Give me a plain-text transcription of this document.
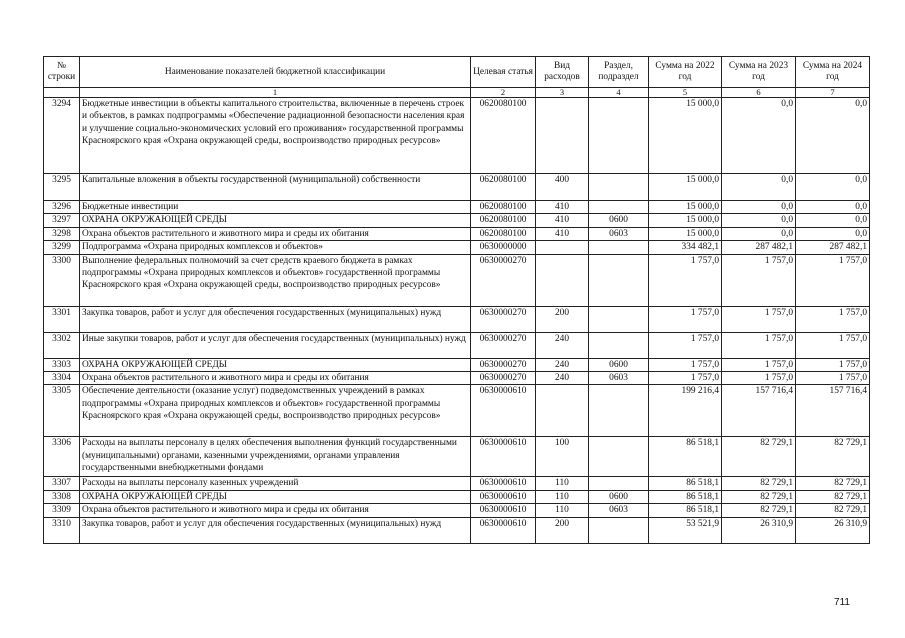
№ строки	Наименование показателей бюджетной классификации	Целевая статья	Вид расходов	Раздел, подраздел	Сумма на 2022 год	Сумма на 2023 год	Сумма на 2024 год
	1	2	3	4	5	6	7
3294	Бюджетные инвестиции в объекты капитального строительства, включенные в перечень строек и объектов, в рамках подпрограммы «Обеспечение радиационной безопасности населения края и улучшение социально-экономических условий его проживания» государственной программы Красноярского края «Охрана окружающей среды, воспроизводство природных ресурсов»	0620080100			15 000,0	0,0	0,0
3295	Капитальные вложения в объекты государственной (муниципальной) собственности	0620080100	400		15 000,0	0,0	0,0
3296	Бюджетные инвестиции	0620080100	410		15 000,0	0,0	0,0
3297	ОХРАНА ОКРУЖАЮЩЕЙ СРЕДЫ	0620080100	410	0600	15 000,0	0,0	0,0
3298	Охрана объектов растительного и животного мира и среды их обитания	0620080100	410	0603	15 000,0	0,0	0,0
3299	Подпрограмма «Охрана природных комплексов и объектов»	0630000000			334 482,1	287 482,1	287 482,1
3300	Выполнение федеральных полномочий за счет средств краевого бюджета в рамках подпрограммы «Охрана природных комплексов и объектов» государственной программы Красноярского края «Охрана окружающей среды, воспроизводство природных ресурсов»	0630000270			1 757,0	1 757,0	1 757,0
3301	Закупка товаров, работ и услуг для обеспечения государственных (муниципальных) нужд	0630000270	200		1 757,0	1 757,0	1 757,0
3302	Иные закупки товаров, работ и услуг для обеспечения государственных (муниципальных) нужд	0630000270	240		1 757,0	1 757,0	1 757,0
3303	ОХРАНА ОКРУЖАЮЩЕЙ СРЕДЫ	0630000270	240	0600	1 757,0	1 757,0	1 757,0
3304	Охрана объектов растительного и животного мира и среды их обитания	0630000270	240	0603	1 757,0	1 757,0	1 757,0
3305	Обеспечение деятельности (оказание услуг) подведомственных учреждений в рамках подпрограммы «Охрана природных комплексов и объектов» государственной программы Красноярского края «Охрана окружающей среды, воспроизводство природных ресурсов»	0630000610			199 216,4	157 716,4	157 716,4
3306	Расходы на выплаты персоналу в целях обеспечения выполнения функций государственными (муниципальными) органами, казенными учреждениями, органами управления государственными внебюджетными фондами	0630000610	100		86 518,1	82 729,1	82 729,1
3307	Расходы на выплаты персоналу казенных учреждений	0630000610	110		86 518,1	82 729,1	82 729,1
3308	ОХРАНА ОКРУЖАЮЩЕЙ СРЕДЫ	0630000610	110	0600	86 518,1	82 729,1	82 729,1
3309	Охрана объектов растительного и животного мира и среды их обитания	0630000610	110	0603	86 518,1	82 729,1	82 729,1
3310	Закупка товаров, работ и услуг для обеспечения государственных (муниципальных) нужд	0630000610	200		53 521,9	26 310,9	26 310,9
711
